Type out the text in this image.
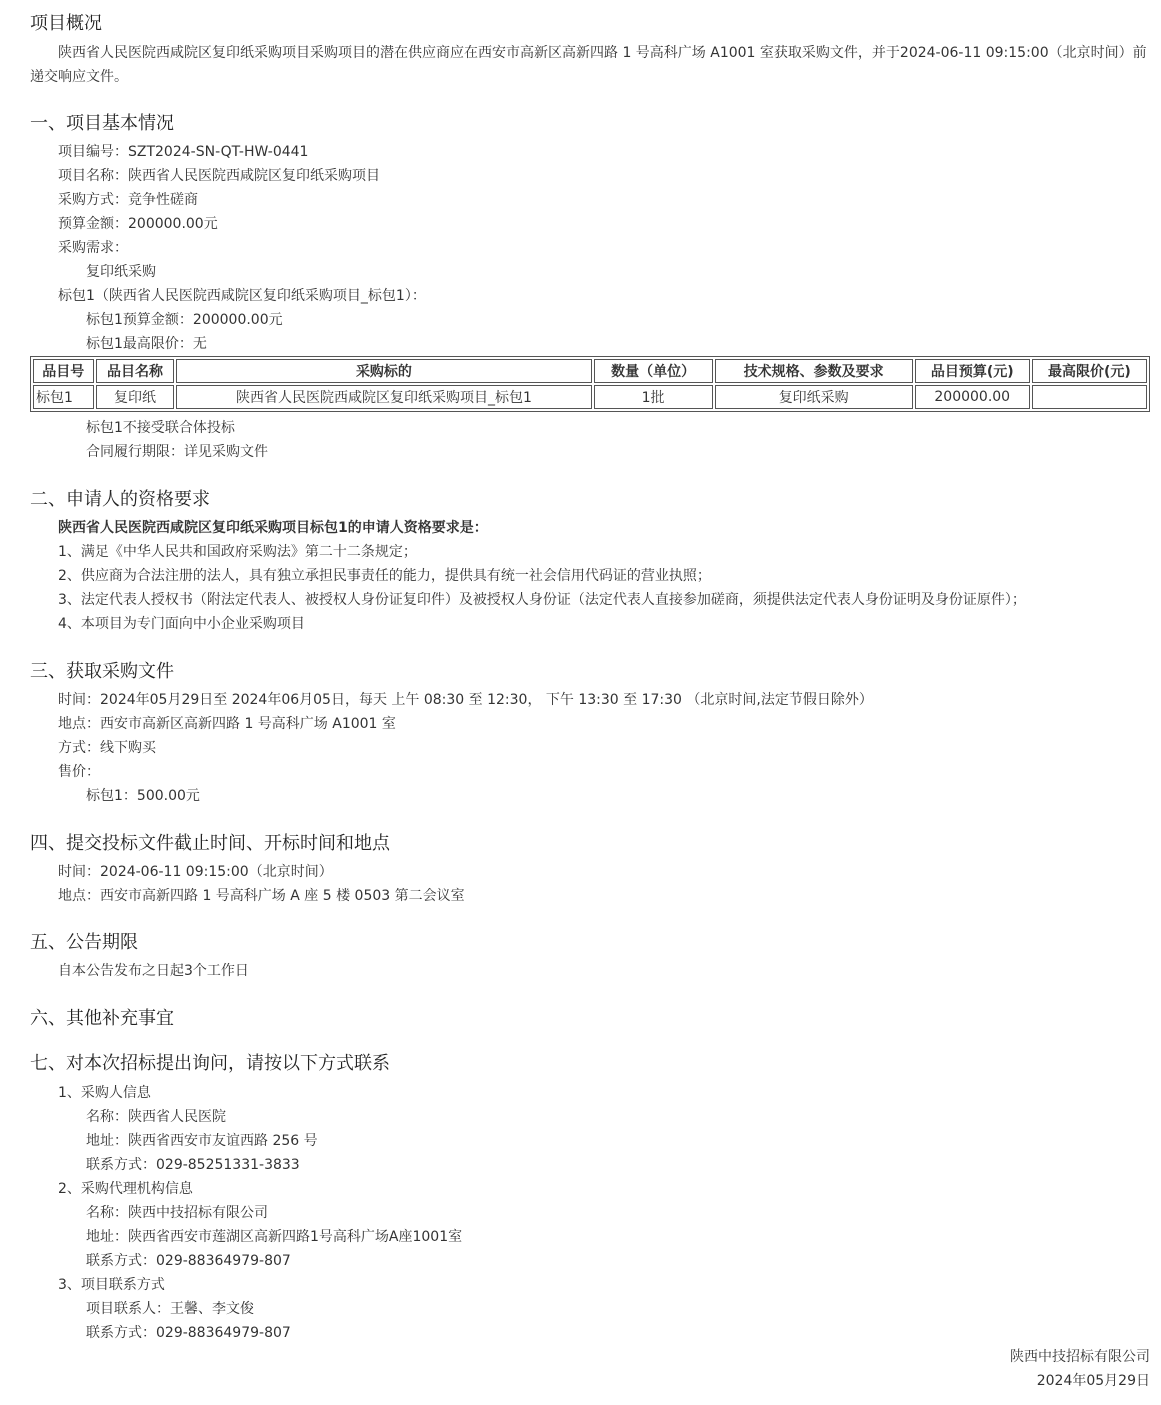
项目概况

陕西省人民医院西咸院区复印纸采购项目采购项目的潜在供应商应在西安市高新区高新四路 1 号高科广场 A1001 室获取采购文件，并于2024-06-11 09:15:00（北京时间）前递交响应文件。

一、项目基本情况
项目编号：SZT2024-SN-QT-HW-0441
项目名称：陕西省人民医院西咸院区复印纸采购项目
采购方式：竞争性磋商
预算金额：200000.00元
采购需求：
复印纸采购
标包1（陕西省人民医院西咸院区复印纸采购项目_标包1）：
标包1预算金额：200000.00元
标包1最高限价：无
品目号	品目名称	采购标的	数量（单位）	技术规格、参数及要求	品目预算(元)	最高限价(元)
标包1	复印纸	陕西省人民医院西咸院区复印纸采购项目_标包1	1批	复印纸采购	200000.00	
标包1不接受联合体投标
合同履行期限：详见采购文件
二、申请人的资格要求
陕西省人民医院西咸院区复印纸采购项目标包1的申请人资格要求是：
1、满足《中华人民共和国政府采购法》第二十二条规定；
2、供应商为合法注册的法人，具有独立承担民事责任的能力，提供具有统一社会信用代码证的营业执照；
3、法定代表人授权书（附法定代表人、被授权人身份证复印件）及被授权人身份证（法定代表人直接参加磋商，须提供法定代表人身份证明及身份证原件）；
4、本项目为专门面向中小企业采购项目
三、获取采购文件
时间：2024年05月29日至 2024年06月05日，每天 上午 08:30 至 12:30， 下午 13:30 至 17:30 （北京时间,法定节假日除外）
地点：西安市高新区高新四路 1 号高科广场 A1001 室
方式：线下购买
售价：
标包1：500.00元
四、提交投标文件截止时间、开标时间和地点
时间：2024-06-11 09:15:00（北京时间）
地点：西安市高新四路 1 号高科广场 A 座 5 楼 0503 第二会议室
五、公告期限
自本公告发布之日起3个工作日
六、其他补充事宜
七、对本次招标提出询问，请按以下方式联系
1、采购人信息
名称：陕西省人民医院
地址：陕西省西安市友谊西路 256 号
联系方式：029-85251331-3833
2、采购代理机构信息
名称：陕西中技招标有限公司
地址：陕西省西安市莲湖区高新四路1号高科广场A座1001室
联系方式：029-88364979-807
3、项目联系方式
项目联系人：王馨、李文俊
联系方式：029-88364979-807
陕西中技招标有限公司
2024年05月29日
